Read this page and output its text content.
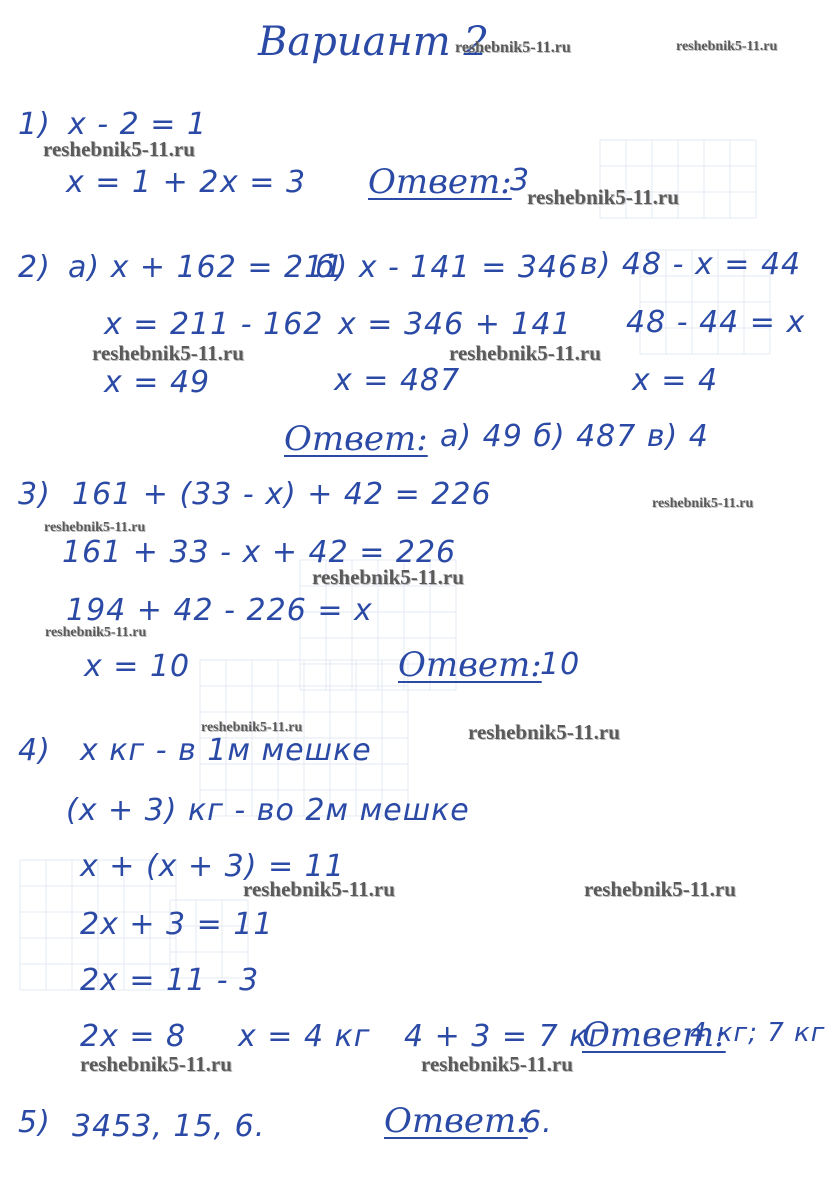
Вариант 2
reshebnik5-11.ru	reshebnik5-11.ru
reshebnik5-11.ru
reshebnik5-11.ru
reshebnik5-11.ru	reshebnik5-11.ru
reshebnik5-11.ru
reshebnik5-11.ru
reshebnik5-11.ru
reshebnik5-11.ru
reshebnik5-11.ru	reshebnik5-11.ru
reshebnik5-11.ru	reshebnik5-11.ru
reshebnik5-11.ru	reshebnik5-11.ru
1) x - 2 = 1
x = 1 + 2 x = 3 Ответ:
3
2) а) x + 162 = 211
б) x - 141 = 346 в) 48 - x = 44
x = 211 - 162 x = 346 + 141 48 - 44 = x
x = 49	x = 487	x = 4
Ответ: а) 49 б) 487 в) 4
3) 161 + (33 - x) + 42 = 226
161 + 33 - x + 42 = 226
194 + 42 - 226 = x
x = 10	Ответ:
10
4) x кг - в 1м мешке
(x + 3) кг - во 2м мешке
x + (x + 3) = 11
2x + 3 = 11
2x = 11 - 3
2x = 8 x = 4 кг 4 + 3 = 7 кг
Ответ:
4 кг; 7 кг
5) 3453, 15, 6.	Ответ:
6.
